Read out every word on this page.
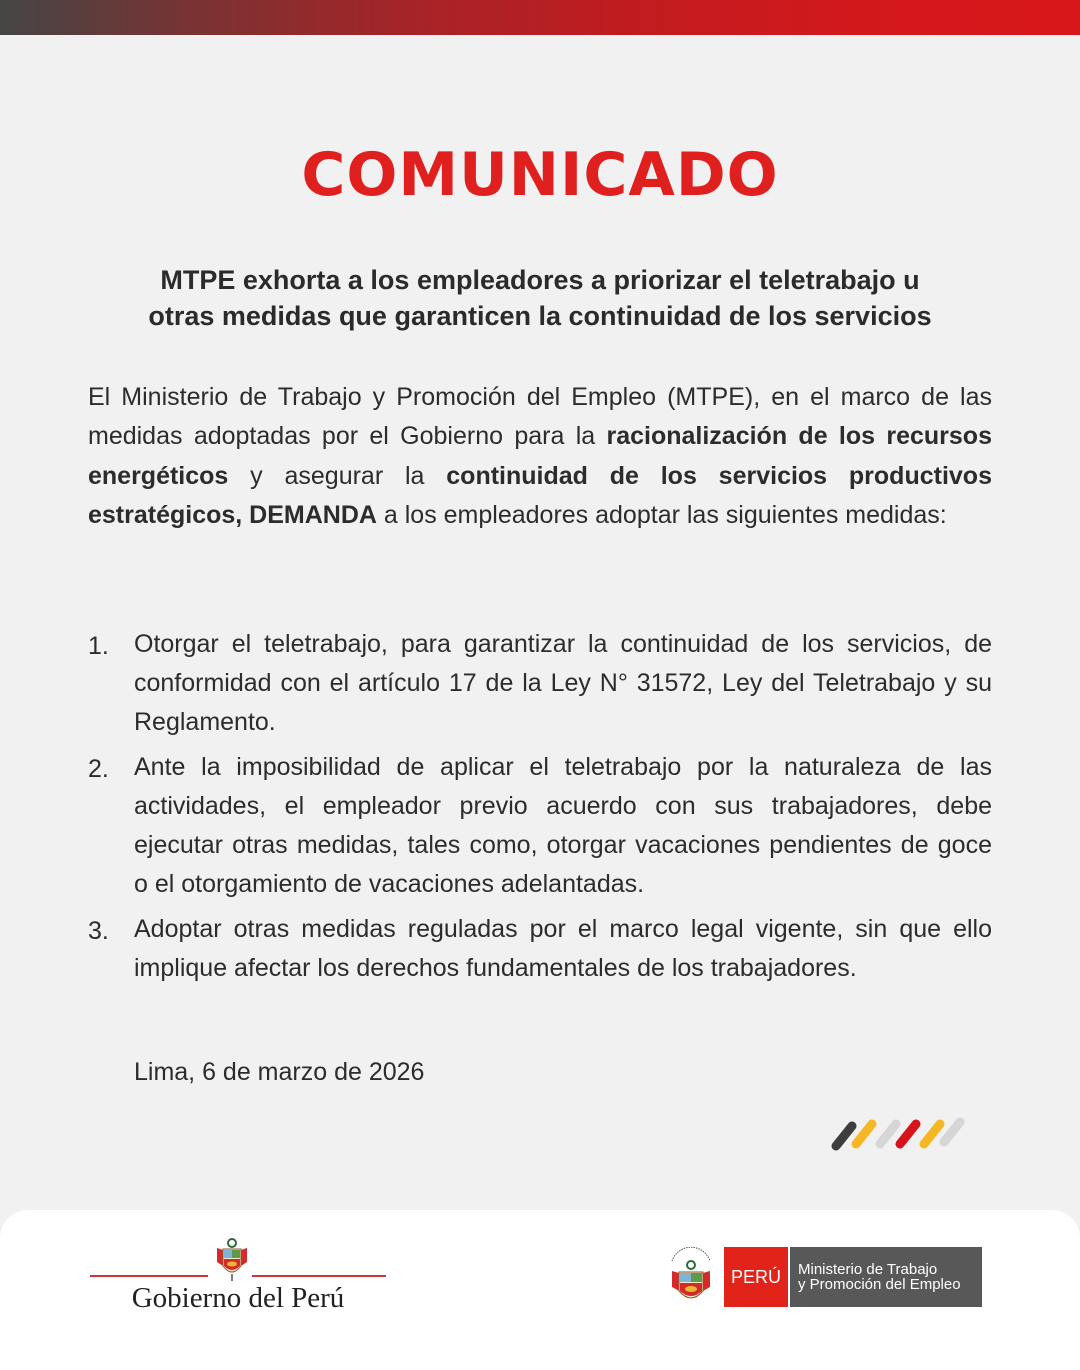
COMUNICADO
MTPE exhorta a los empleadores a priorizar el teletrabajo u
otras medidas que garanticen la continuidad de los servicios
El Ministerio de Trabajo y Promoción del Empleo (MTPE), en el marco de las medidas adoptadas por el Gobierno para la racionalización de los recursos energéticos y asegurar la continuidad de los servicios productivos estratégicos, DEMANDA a los empleadores adoptar las siguientes medidas:
1. Otorgar el teletrabajo, para garantizar la continuidad de los servicios, de conformidad con el artículo 17 de la Ley N° 31572, Ley del Teletrabajo y su Reglamento.
2. Ante la imposibilidad de aplicar el teletrabajo por la naturaleza de las actividades, el empleador previo acuerdo con sus trabajadores, debe ejecutar otras medidas, tales como, otorgar vacaciones pendientes de goce o el otorgamiento de vacaciones adelantadas.
3. Adoptar otras medidas reguladas por el marco legal vigente, sin que ello implique afectar los derechos fundamentales de los trabajadores.
Lima, 6 de marzo de 2026
Gobierno del Perú
PERÚ	Ministerio de Trabajo
y Promoción del Empleo
